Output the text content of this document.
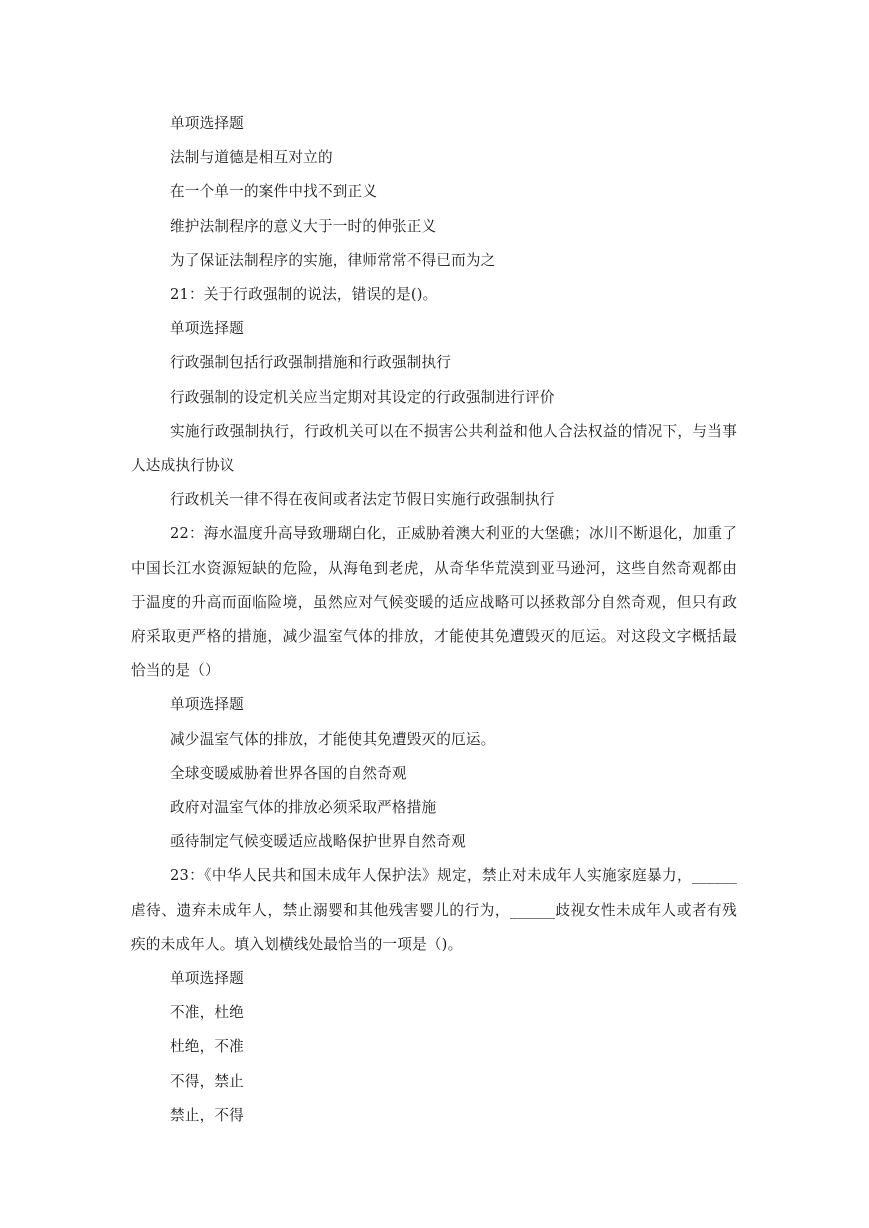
单项选择题

法制与道德是相互对立的

在一个单一的案件中找不到正义

维护法制程序的意义大于一时的伸张正义

为了保证法制程序的实施，律师常常不得已而为之

21：关于行政强制的说法，错误的是()。

单项选择题

行政强制包括行政强制措施和行政强制执行

行政强制的设定机关应当定期对其设定的行政强制进行评价

实施行政强制执行，行政机关可以在不损害公共利益和他人合法权益的情况下，与当事人达成执行协议

行政机关一律不得在夜间或者法定节假日实施行政强制执行

22：海水温度升高导致珊瑚白化，正威胁着澳大利亚的大堡礁；冰川不断退化，加重了中国长江水资源短缺的危险，从海龟到老虎，从奇华华荒漠到亚马逊河，这些自然奇观都由于温度的升高而面临险境，虽然应对气候变暖的适应战略可以拯救部分自然奇观，但只有政府采取更严格的措施，减少温室气体的排放，才能使其免遭毁灭的厄运。对这段文字概括最恰当的是（）

单项选择题

减少温室气体的排放，才能使其免遭毁灭的厄运。

全球变暖威胁着世界各国的自然奇观

政府对温室气体的排放必须采取严格措施

亟待制定气候变暖适应战略保护世界自然奇观

23：《中华人民共和国未成年人保护法》规定，禁止对未成年人实施家庭暴力，______虐待、遗弃未成年人，禁止溺婴和其他残害婴儿的行为，______歧视女性未成年人或者有残疾的未成年人。填入划横线处最恰当的一项是（)。

单项选择题

不准，杜绝

杜绝，不准

不得，禁止

禁止，不得
